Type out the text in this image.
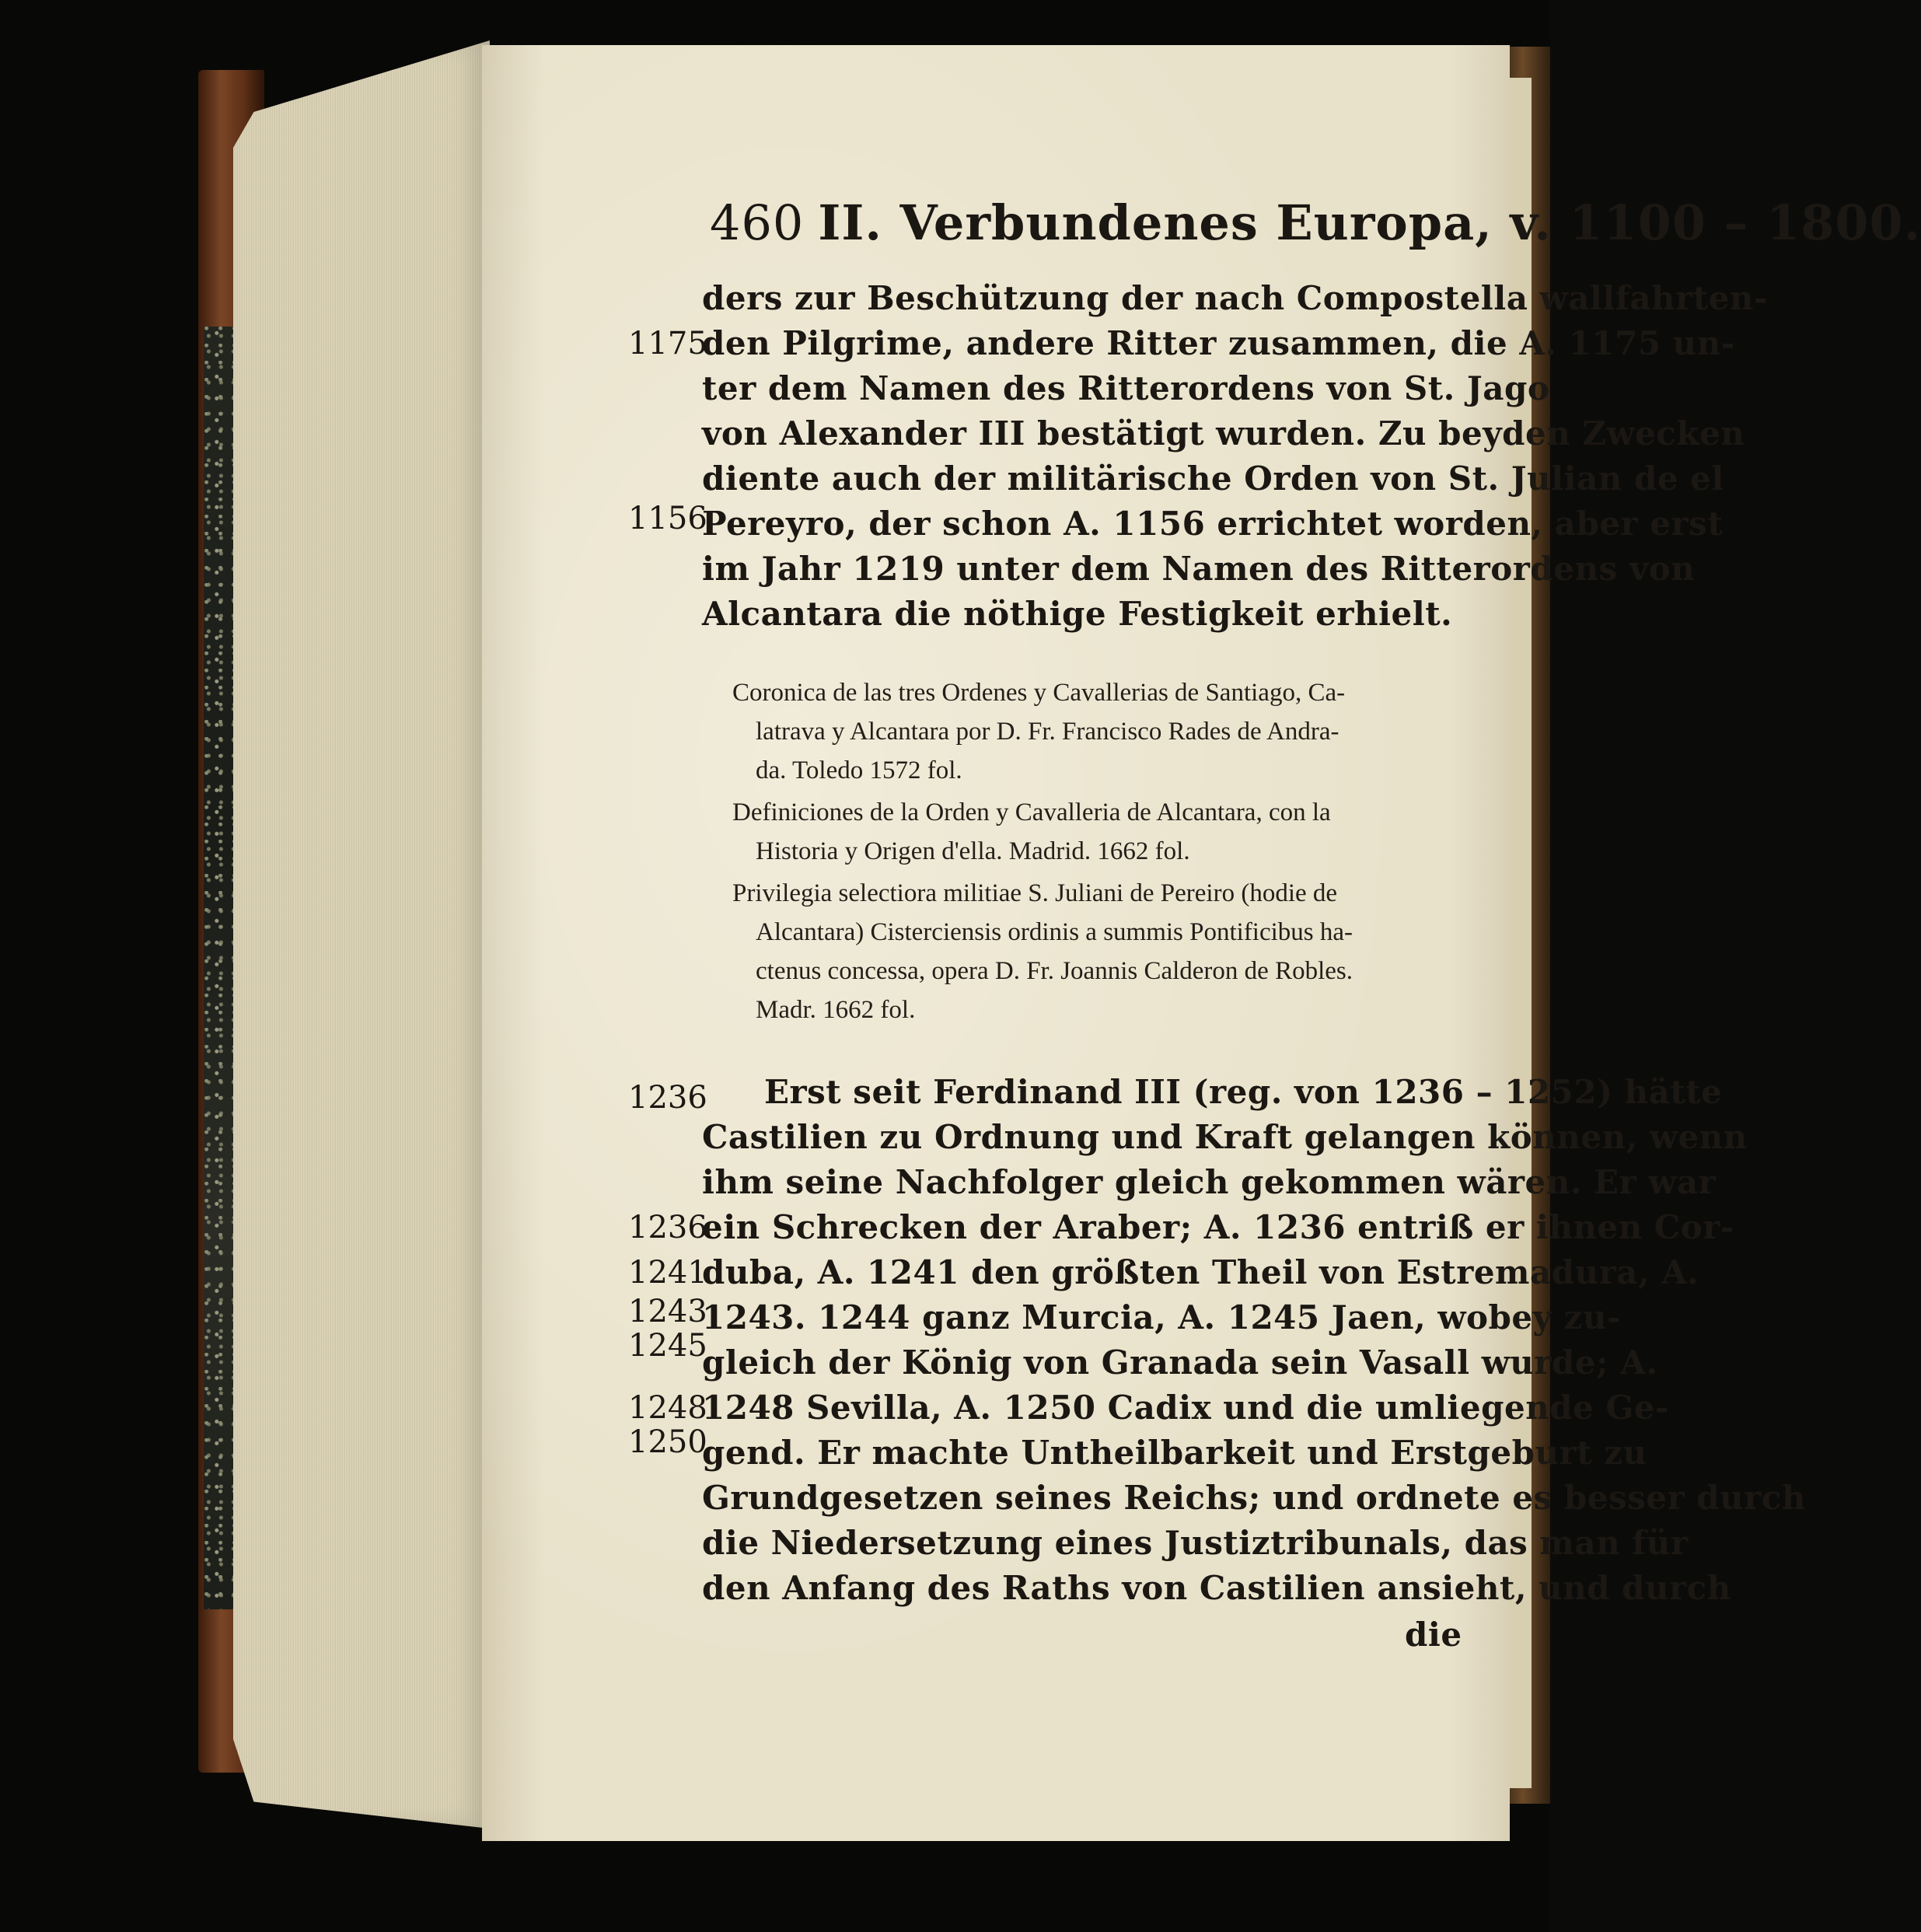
460 II. Verbundenes Europa, v. 1100 – 1800.
ders zur Beschützung der nach Compostella wallfahrten-
den Pilgrime, andere Ritter zusammen, die A. 1175 un-
ter dem Namen des Ritterordens von St. Jago
von Alexander III bestätigt wurden. Zu beyden Zwecken
diente auch der militärische Orden von St. Julian de el
Pereyro, der schon A. 1156 errichtet worden, aber erst
im Jahr 1219 unter dem Namen des Ritterordens von
Alcantara die nöthige Festigkeit erhielt.
1175
1156
Coronica de las tres Ordenes y Cavallerias de Santiago, Ca-
latrava y Alcantara por D. Fr. Francisco Rades de Andra-
da. Toledo 1572 fol.
Definiciones de la Orden y Cavalleria de Alcantara, con la
Historia y Origen d'ella. Madrid. 1662 fol.
Privilegia selectiora militiae S. Juliani de Pereiro (hodie de
Alcantara) Cisterciensis ordinis a summis Pontificibus ha-
ctenus concessa, opera D. Fr. Joannis Calderon de Robles.
Madr. 1662 fol.
Erst seit Ferdinand III (reg. von 1236 – 1252) hätte
Castilien zu Ordnung und Kraft gelangen können, wenn
ihm seine Nachfolger gleich gekommen wären. Er war
ein Schrecken der Araber; A. 1236 entriß er ihnen Cor-
duba, A. 1241 den größten Theil von Estremadura, A.
1243. 1244 ganz Murcia, A. 1245 Jaen, wobey zu-
gleich der König von Granada sein Vasall wurde; A.
1248 Sevilla, A. 1250 Cadix und die umliegende Ge-
gend. Er machte Untheilbarkeit und Erstgeburt zu
Grundgesetzen seines Reichs; und ordnete es besser durch
die Niedersetzung eines Justiztribunals, das man für
den Anfang des Raths von Castilien ansieht, und durch
1236
1236
1241
1243
1245
1248
1250
die
